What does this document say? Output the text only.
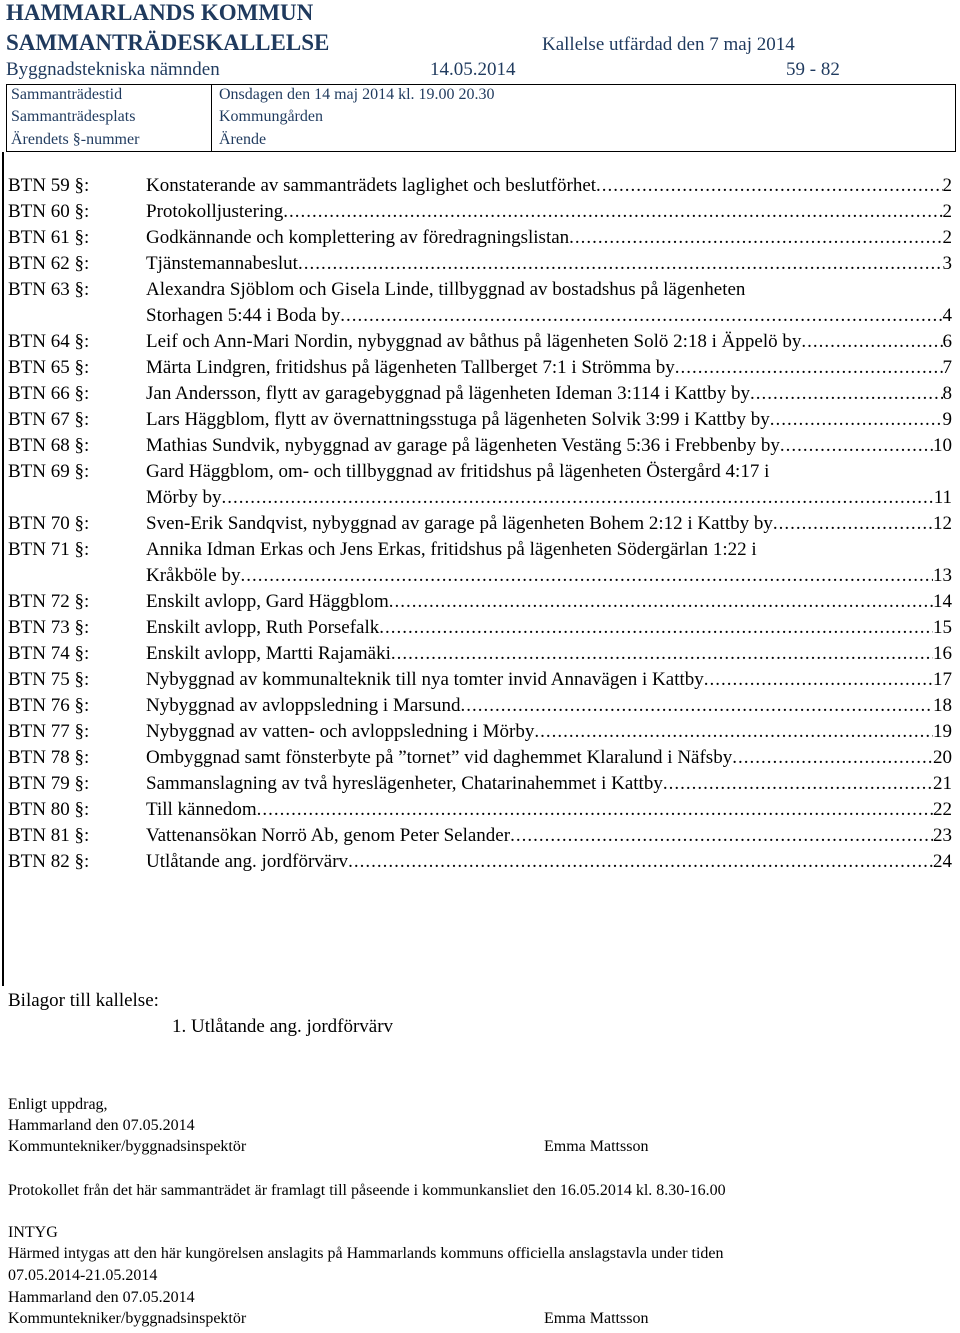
HAMMARLANDS KOMMUN
SAMMANTRÄDESKALLELSE	Kallelse utfärdad den 7 maj 2014
Byggnadstekniska nämnden	14.05.2014	59 - 82
Sammanträdestid	Onsdagen den 14 maj 2014 kl. 19.00 20.30
Sammanträdesplats	Kommungården
Ärendets §-nummer	Ärende
BTN 59 §:	Konstaterande av sammanträdets laglighet och beslutförhet .....	2
BTN 60 §:	Protokolljustering .....	2
BTN 61 §:	Godkännande och komplettering av föredragningslistan .....	2
BTN 62 §:	Tjänstemannabeslut .....	3
BTN 63 §:	Alexandra Sjöblom och Gisela Linde, tillbyggnad av bostadshus på lägenheten
Storhagen 5:44 i Boda by .....	4
BTN 64 §:	Leif och Ann-Mari Nordin, nybyggnad av båthus på lägenheten Solö 2:18 i Äppelö by .....	6
BTN 65 §:	Märta Lindgren, fritidshus på lägenheten Tallberget 7:1 i Strömma by .....	7
BTN 66 §:	Jan Andersson, flytt av garagebyggnad på lägenheten Ideman 3:114 i Kattby by .....	8
BTN 67 §:	Lars Häggblom, flytt av övernattningsstuga på lägenheten Solvik 3:99 i Kattby by .....	9
BTN 68 §:	Mathias Sundvik, nybyggnad av garage på lägenheten Vestäng 5:36 i Frebbenby by .....	10
BTN 69 §:	Gard Häggblom, om- och tillbyggnad av fritidshus på lägenheten Östergård 4:17 i
Mörby by .....	11
BTN 70 §:	Sven-Erik Sandqvist, nybyggnad av garage på lägenheten Bohem 2:12 i Kattby by .....	12
BTN 71 §:	Annika Idman Erkas och Jens Erkas, fritidshus på lägenheten Södergärlan 1:22 i
Kråkböle by .....	13
BTN 72 §:	Enskilt avlopp, Gard Häggblom .....	14
BTN 73 §:	Enskilt avlopp, Ruth Porsefalk .....	15
BTN 74 §:	Enskilt avlopp, Martti Rajamäki .....	16
BTN 75 §:	Nybyggnad av kommunalteknik till nya tomter invid Annavägen i Kattby .....	17
BTN 76 §:	Nybyggnad av avloppsledning i Marsund .....	18
BTN 77 §:	Nybyggnad av vatten- och avloppsledning i Mörby .....	19
BTN 78 §:	Ombyggnad samt fönsterbyte på ”tornet” vid daghemmet Klaralund i Näfsby .....	20
BTN 79 §:	Sammanslagning av två hyreslägenheter, Chatarinahemmet i Kattby .....	21
BTN 80 §:	Till kännedom .....	22
BTN 81 §:	Vattenansökan Norrö Ab, genom Peter Selander .....	23
BTN 82 §:	Utlåtande ang. jordförvärv .....	24
Bilagor till kallelse:
1. Utlåtande ang. jordförvärv
Enligt uppdrag,
Hammarland den 07.05.2014
Kommuntekniker/byggnadsinspektör	Emma Mattsson
Protokollet från det här sammanträdet är framlagt till påseende i kommunkansliet den 16.05.2014 kl. 8.30-16.00
INTYG
Härmed intygas att den här kungörelsen anslagits på Hammarlands kommuns officiella anslagstavla under tiden
07.05.2014-21.05.2014
Hammarland den 07.05.2014
Kommuntekniker/byggnadsinspektör	Emma Mattsson
